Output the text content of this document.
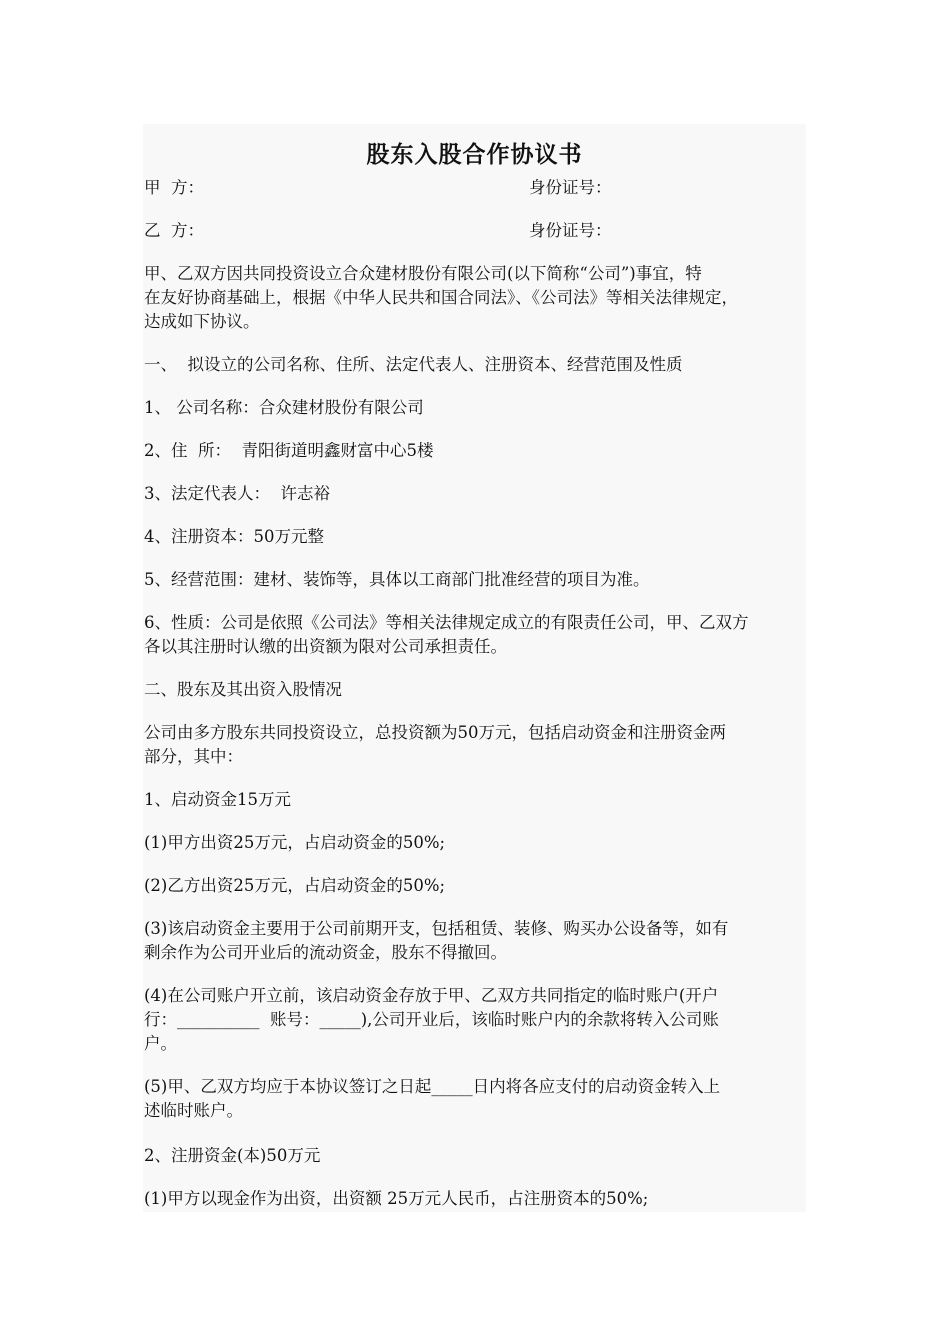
股东入股合作协议书
甲  方：	身份证号：
乙  方：	身份证号：
甲、乙双方因共同投资设立合众建材股份有限公司(以下简称“公司”)事宜，特
在友好协商基础上，根据《中华人民共和国合同法》、《公司法》等相关法律规定，
达成如下协议。
一、  拟设立的公司名称、住所、法定代表人、注册资本、经营范围及性质
1、 公司名称：合众建材股份有限公司
2、住  所：  青阳街道明鑫财富中心5楼
3、法定代表人：  许志裕
4、注册资本：50万元整
5、经营范围：建材、装饰等，具体以工商部门批准经营的项目为准。
6、性质：公司是依照《公司法》等相关法律规定成立的有限责任公司，甲、乙双方
各以其注册时认缴的出资额为限对公司承担责任。
二、股东及其出资入股情况
公司由多方股东共同投资设立，总投资额为50万元，包括启动资金和注册资金两
部分，其中：
1、启动资金15万元
(1)甲方出资25万元，占启动资金的50%;
(2)乙方出资25万元，占启动资金的50%;
(3)该启动资金主要用于公司前期开支，包括租赁、装修、购买办公设备等，如有
剩余作为公司开业后的流动资金，股东不得撤回。
(4)在公司账户开立前，该启动资金存放于甲、乙双方共同指定的临时账户(开户
行：__________  账号：_____),公司开业后，该临时账户内的余款将转入公司账
户。
(5)甲、乙双方均应于本协议签订之日起_____日内将各应支付的启动资金转入上
述临时账户。
2、注册资金(本)50万元
(1)甲方以现金作为出资，出资额 25万元人民币，占注册资本的50%;
